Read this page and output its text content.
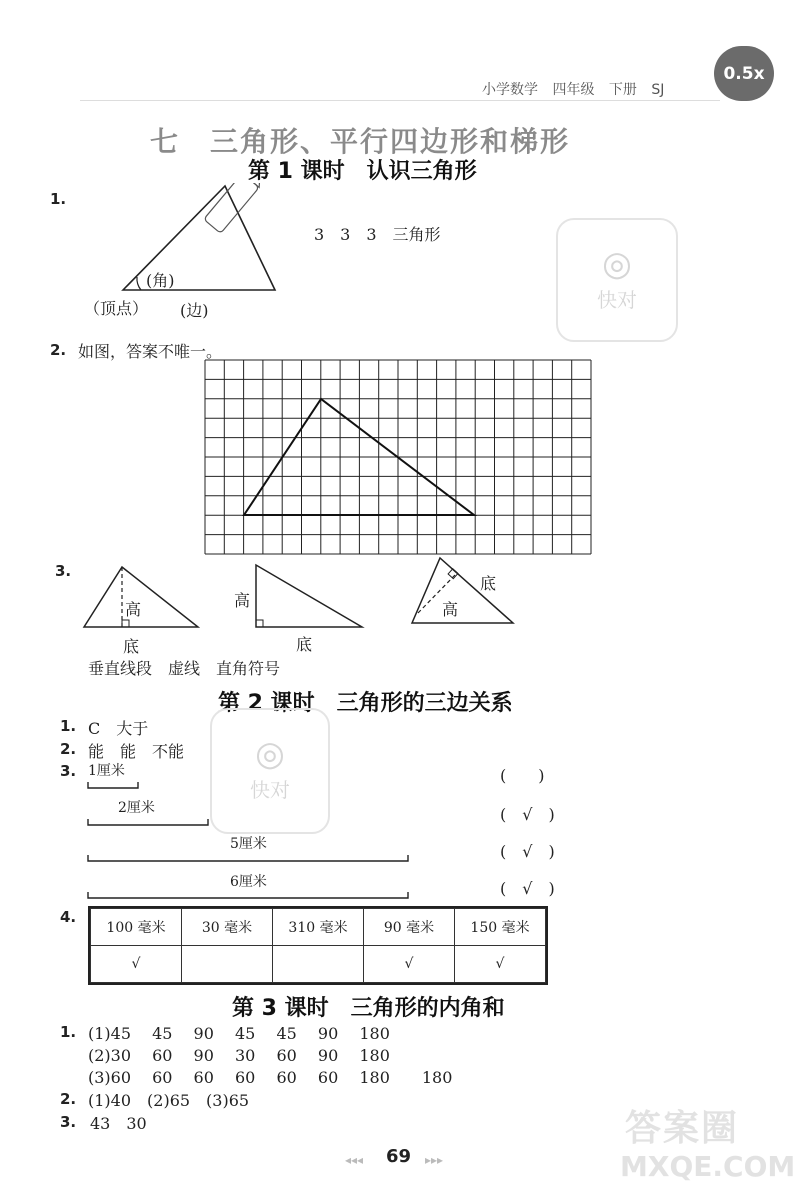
小学数学 四年级 下册 SJ
0.5x
七　三角形、平行四边形和梯形
第 1 课时　认识三角形
1.
(角)
（顶点） (边)
3　3　3　三角形
◎
快对
2. 如图，答案不唯一。
3.
高
底
高
底
高
底
垂直线段　虚线　直角符号
第 2 课时　三角形的三边关系
1. C　大于
2. 能　能　不能
3.	◎
快对
1厘米
2厘米
5厘米
6厘米
(　　)
(　√　)
(　√　)
(　√　)
4.
100 毫米	30 毫米	310 毫米	90 毫米	150 毫米
√			√	√
第 3 课时　三角形的内角和
1. (1)45　 45　 90　 45　 45　 90　 180
(2)30　 60　 90　 30　 60　 90　 180
(3)60　 60　 60　 60　 60　 60　 180　　180
2. (1)40　(2)65　(3)65
3. 43　30
◂◂◂ 69 ▸▸▸
答案圈
MXQE.COM
